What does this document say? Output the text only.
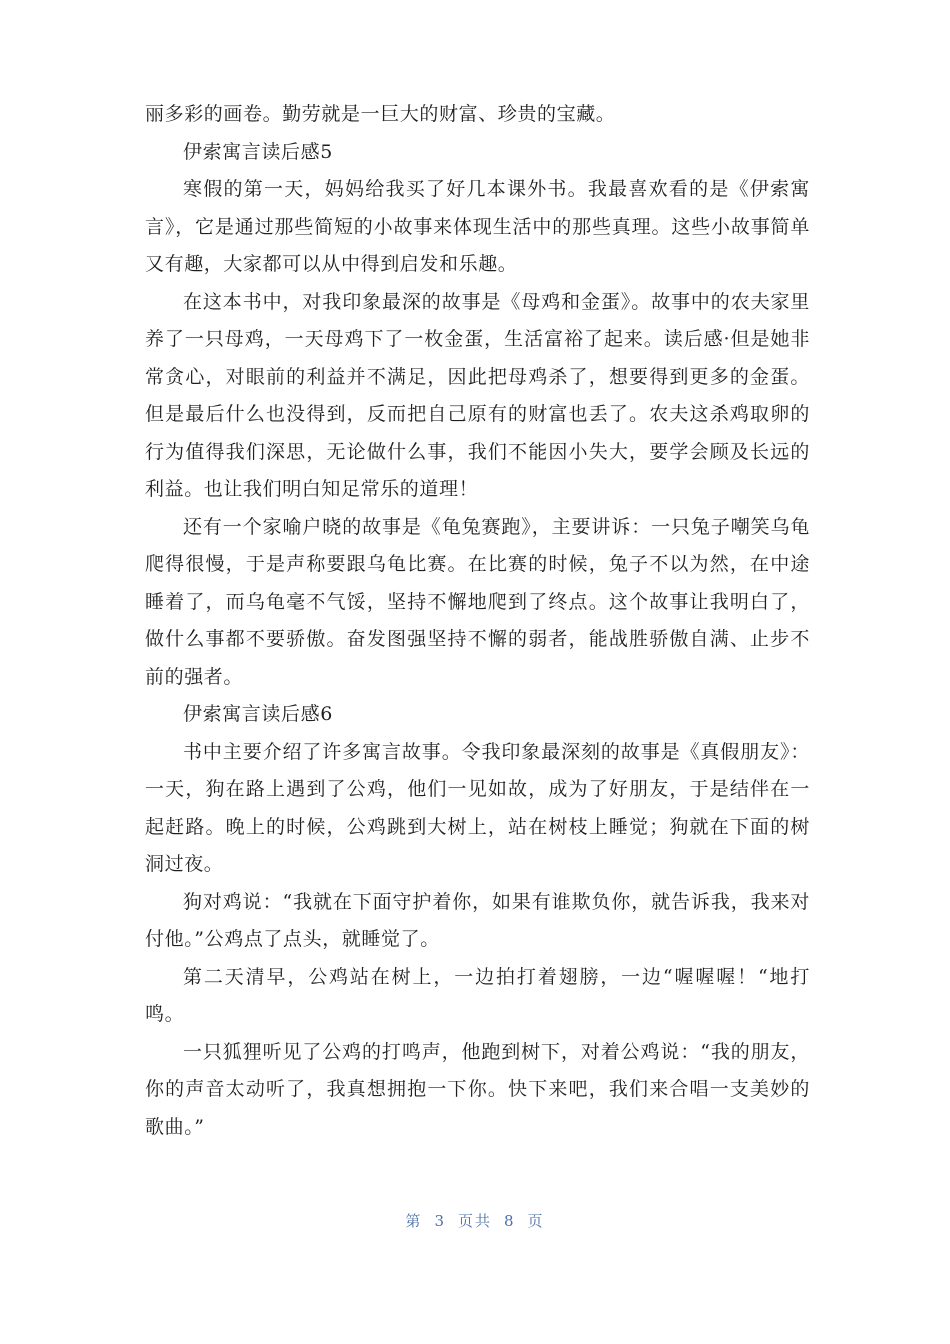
丽多彩的画卷。勤劳就是一巨大的财富、珍贵的宝藏。

伊索寓言读后感5

寒假的第一天，妈妈给我买了好几本课外书。我最喜欢看的是《伊索寓言》，它是通过那些简短的小故事来体现生活中的那些真理。这些小故事简单又有趣，大家都可以从中得到启发和乐趣。

在这本书中，对我印象最深的故事是《母鸡和金蛋》。故事中的农夫家里养了一只母鸡，一天母鸡下了一枚金蛋，生活富裕了起来。读后感·但是她非常贪心，对眼前的利益并不满足，因此把母鸡杀了，想要得到更多的金蛋。但是最后什么也没得到，反而把自己原有的财富也丢了。农夫这杀鸡取卵的行为值得我们深思，无论做什么事，我们不能因小失大，要学会顾及长远的利益。也让我们明白知足常乐的道理！

还有一个家喻户晓的故事是《龟兔赛跑》，主要讲诉：一只兔子嘲笑乌龟爬得很慢，于是声称要跟乌龟比赛。在比赛的时候，兔子不以为然，在中途睡着了，而乌龟毫不气馁，坚持不懈地爬到了终点。这个故事让我明白了，做什么事都不要骄傲。奋发图强坚持不懈的弱者，能战胜骄傲自满、止步不前的强者。

伊索寓言读后感6

书中主要介绍了许多寓言故事。令我印象最深刻的故事是《真假朋友》：一天，狗在路上遇到了公鸡，他们一见如故，成为了好朋友，于是结伴在一起赶路。晚上的时候，公鸡跳到大树上，站在树枝上睡觉；狗就在下面的树洞过夜。

狗对鸡说：“我就在下面守护着你，如果有谁欺负你，就告诉我，我来对付他。”公鸡点了点头，就睡觉了。

第二天清早，公鸡站在树上，一边拍打着翅膀，一边“喔喔喔！“地打鸣。

一只狐狸听见了公鸡的打鸣声，他跑到树下，对着公鸡说：“我的朋友，你的声音太动听了，我真想拥抱一下你。快下来吧，我们来合唱一支美妙的歌曲。”

第 3 页共 8 页
